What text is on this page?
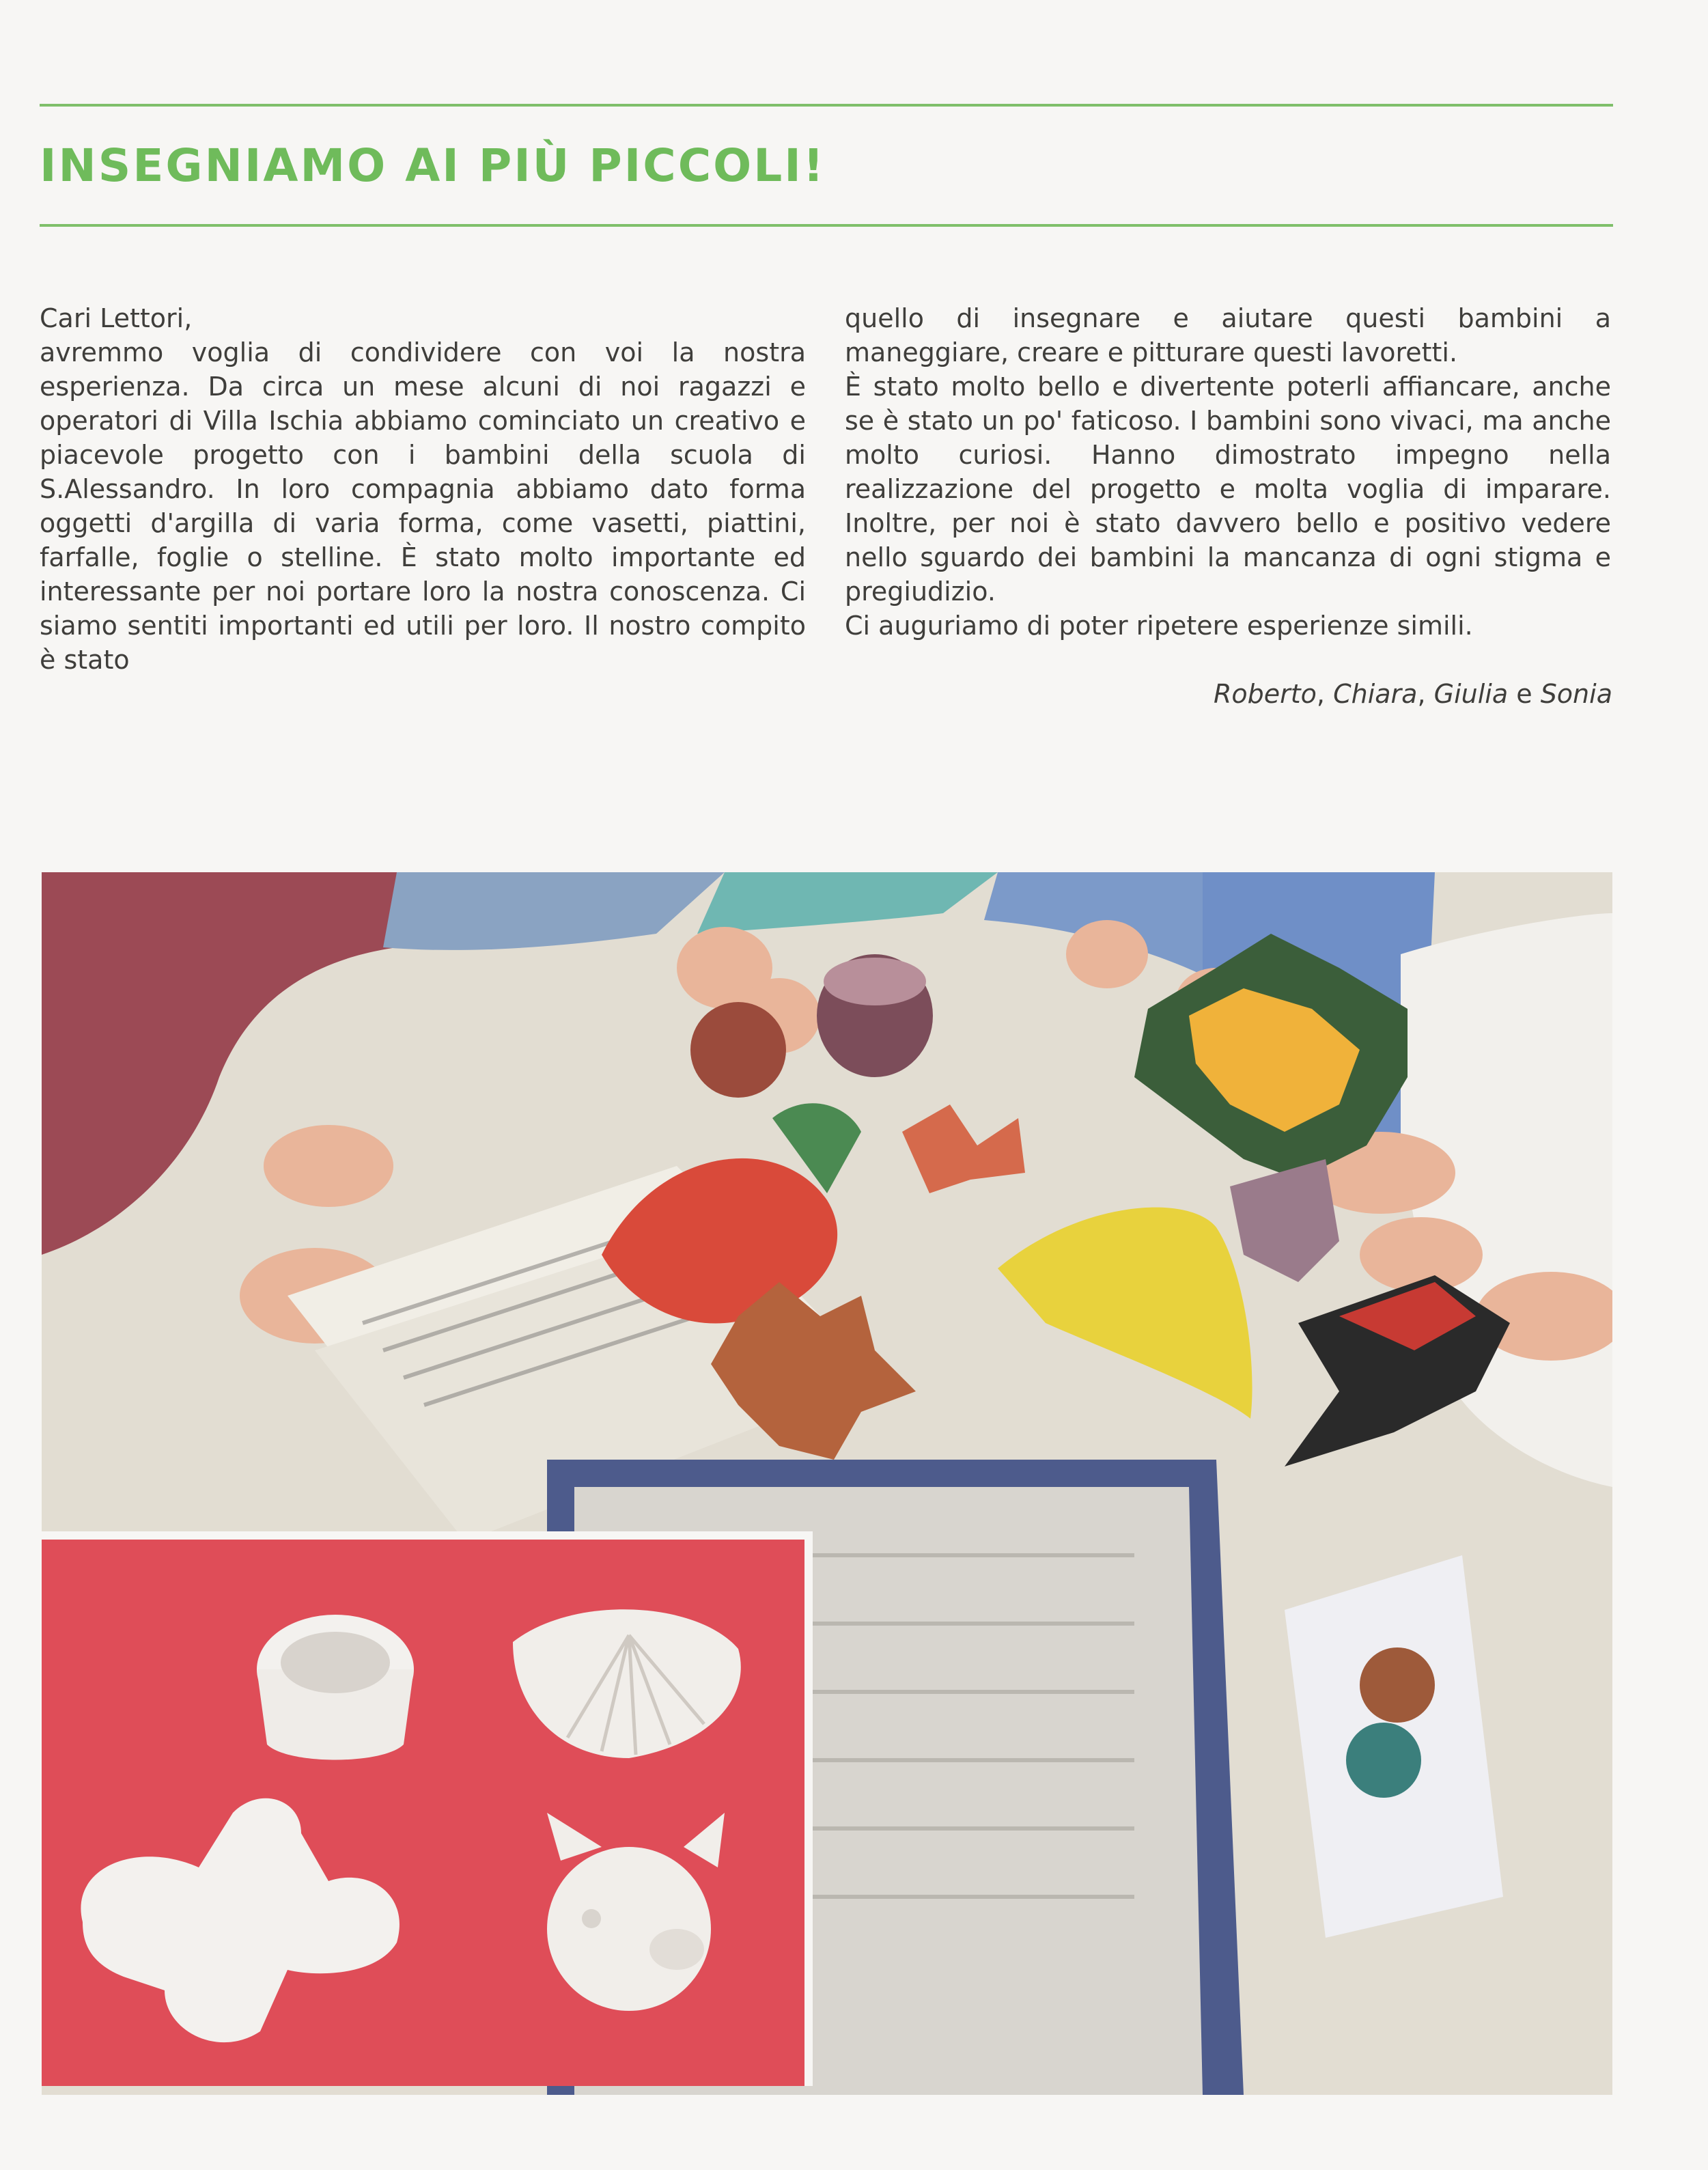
INSEGNIAMO AI PIÙ PICCOLI!

Cari Lettori,

avremmo voglia di condividere con voi la nostra esperienza. Da circa un mese alcuni di noi ragazzi e operatori di Villa Ischia abbiamo cominciato un creativo e piacevole progetto con i bambini della scuola di S.Alessandro. In loro compagnia abbiamo dato forma oggetti d'argilla di varia forma, come vasetti, piattini, farfalle, foglie o stelline. È stato molto importante ed interessante per noi portare loro la nostra conoscenza. Ci siamo sentiti importanti ed utili per loro. Il nostro compito è stato

quello di insegnare e aiutare questi bambini a maneggiare, creare e pitturare questi lavoretti.

È stato molto bello e divertente poterli affiancare, anche se è stato un po' faticoso. I bambini sono vivaci, ma anche molto curiosi. Hanno dimostrato impegno nella realizzazione del progetto e molta voglia di imparare. Inoltre, per noi è stato davvero bello e positivo vedere nello sguardo dei bambini la mancanza di ogni stigma e pregiudizio.

Ci auguriamo di poter ripetere esperienze simili.

Roberto, Chiara, Giulia e Sonia
